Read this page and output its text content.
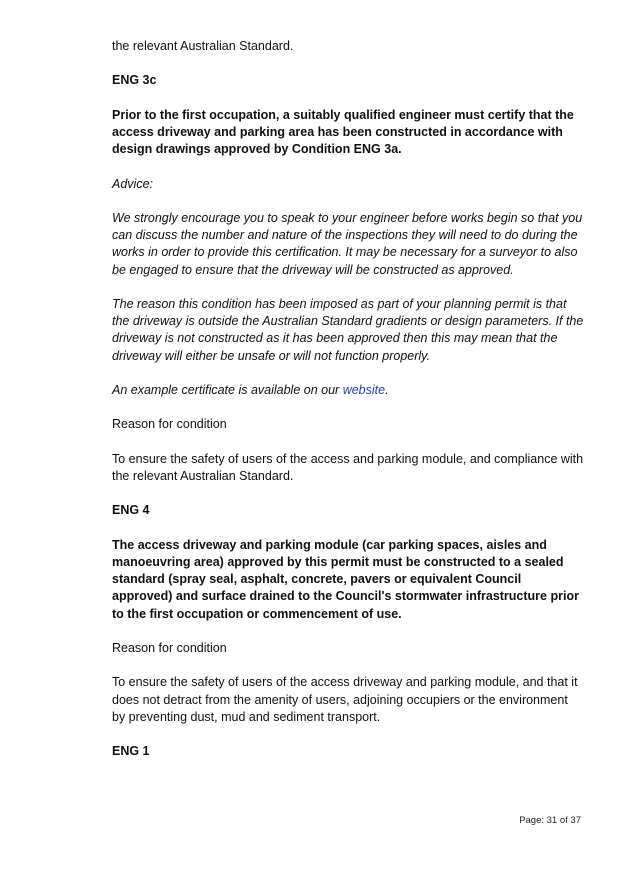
the relevant Australian Standard.

ENG 3c

Prior to the first occupation, a suitably qualified engineer must certify that the access driveway and parking area has been constructed in accordance with design drawings approved by Condition ENG 3a.

Advice:

We strongly encourage you to speak to your engineer before works begin so that you can discuss the number and nature of the inspections they will need to do during the works in order to provide this certification. It may be necessary for a surveyor to also be engaged to ensure that the driveway will be constructed as approved.

The reason this condition has been imposed as part of your planning permit is that the driveway is outside the Australian Standard gradients or design parameters. If the driveway is not constructed as it has been approved then this may mean that the driveway will either be unsafe or will not function properly.

An example certificate is available on our website.

Reason for condition

To ensure the safety of users of the access and parking module, and compliance with the relevant Australian Standard.

ENG 4

The access driveway and parking module (car parking spaces, aisles and manoeuvring area) approved by this permit must be constructed to a sealed standard (spray seal, asphalt, concrete, pavers or equivalent Council approved) and surface drained to the Council's stormwater infrastructure prior to the first occupation or commencement of use.

Reason for condition

To ensure the safety of users of the access driveway and parking module, and that it does not detract from the amenity of users, adjoining occupiers or the environment by preventing dust, mud and sediment transport.

ENG 1

Page: 31 of 37
